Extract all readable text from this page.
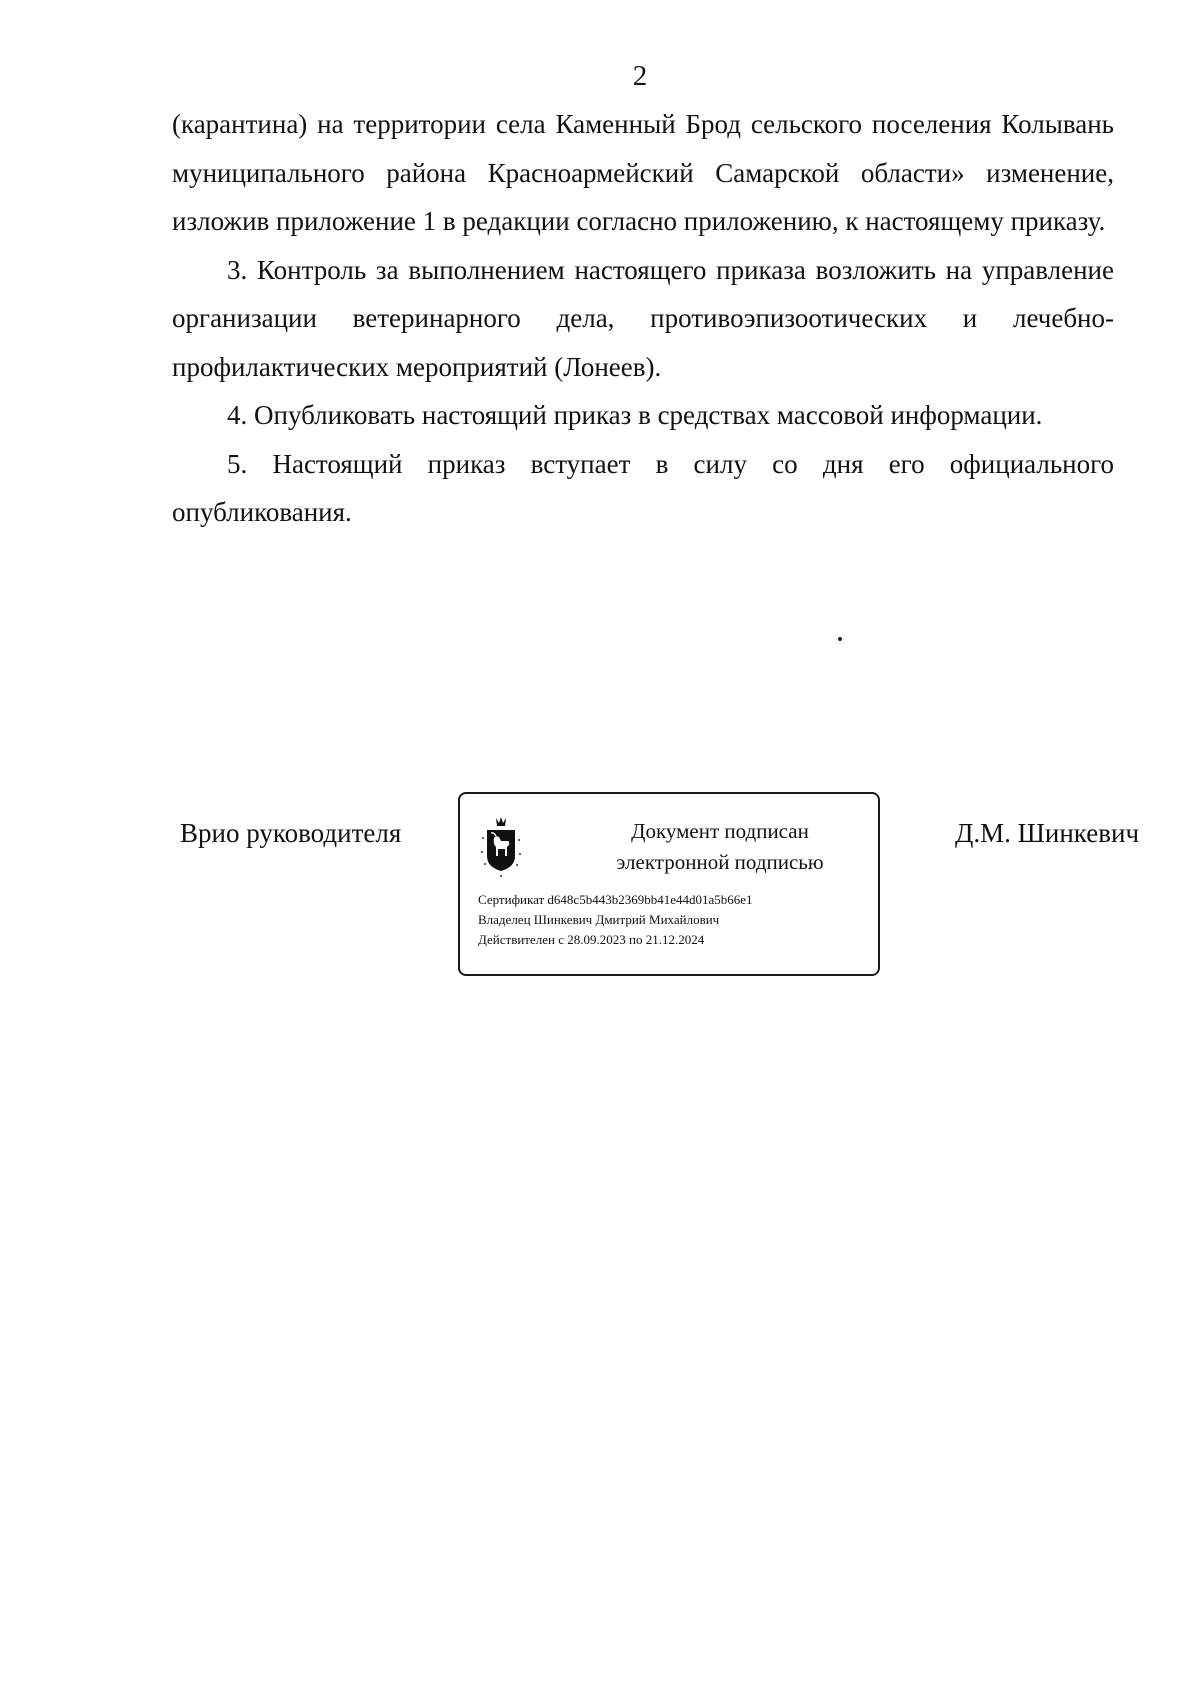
2

(карантина) на территории села Каменный Брод сельского поселения Колывань муниципального района Красноармейский Самарской области» изменение, изложив приложение 1 в редакции согласно приложению, к настоящему приказу.

3. Контроль за выполнением настоящего приказа возложить на управление организации ветеринарного дела, противоэпизоотических и лечебно-профилактических мероприятий (Лонеев).

4. Опубликовать настоящий приказ в средствах массовой информации.

5. Настоящий приказ вступает в силу со дня его официального опубликования.

Врио руководителя	Документ подписан
электронной подписью
Сертификат d648c5b443b2369bb41e44d01a5b66e1
Владелец Шинкевич Дмитрий Михайлович
Действителен с 28.09.2023 по 21.12.2024
Д.М. Шинкевич
